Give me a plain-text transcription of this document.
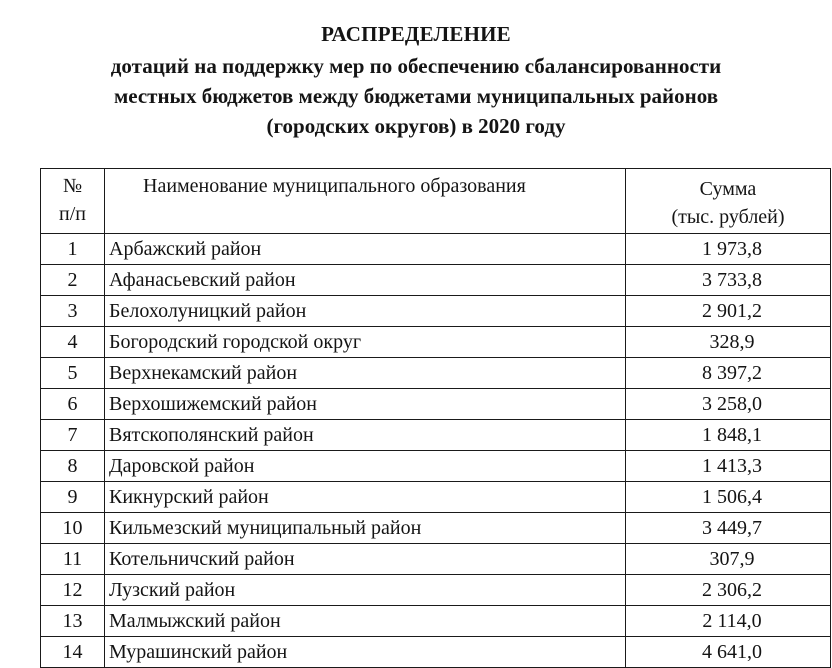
РАСПРЕДЕЛЕНИЕ
дотаций на поддержку мер по обеспечению сбалансированности
местных бюджетов между бюджетами муниципальных районов
(городских округов) в 2020 году
№
п/п	Наименование муниципального образования	Сумма
(тыс. рублей)

1	Арбажский район	1 973,8
2	Афанасьевский район	3 733,8
3	Белохолуницкий район	2 901,2
4	Богородский городской округ	328,9
5	Верхнекамский район	8 397,2
6	Верхошижемский район	3 258,0
7	Вятскополянский район	1 848,1
8	Даровской район	1 413,3
9	Кикнурский район	1 506,4
10	Кильмезский муниципальный район	3 449,7
11	Котельничский район	307,9
12	Лузский район	2 306,2
13	Малмыжский район	2 114,0
14	Мурашинский район	4 641,0
